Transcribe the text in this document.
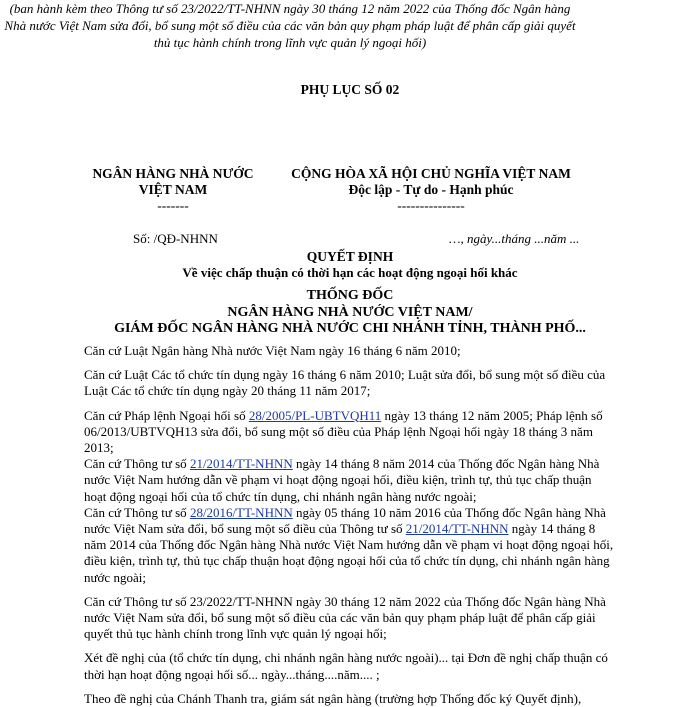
PHỤ LỤC SỐ 02
(ban hành kèm theo Thông tư số 23/2022/TT-NHNN ngày 30 tháng 12 năm 2022 của Thống đốc Ngân hàng Nhà nước Việt Nam sửa đổi, bổ sung một số điều của các văn bản quy phạm pháp luật để phân cấp giải quyết thủ tục hành chính trong lĩnh vực quản lý ngoại hối)
NGÂN HÀNG NHÀ NƯỚC
VIỆT NAM
-------
CỘNG HÒA XÃ HỘI CHỦ NGHĨA VIỆT NAM
Độc lập - Tự do - Hạnh phúc
---------------
Số: /QĐ-NHNN	…, ngày...tháng ...năm ...
QUYẾT ĐỊNH
Về việc chấp thuận có thời hạn các hoạt động ngoại hối khác
THỐNG ĐỐC
NGÂN HÀNG NHÀ NƯỚC VIỆT NAM/
GIÁM ĐỐC NGÂN HÀNG NHÀ NƯỚC CHI NHÁNH TỈNH, THÀNH PHỐ...

Căn cứ Luật Ngân hàng Nhà nước Việt Nam ngày 16 tháng 6 năm 2010;

Căn cứ Luật Các tổ chức tín dụng ngày 16 tháng 6 năm 2010; Luật sửa đổi, bổ sung một số điều của Luật Các tổ chức tín dụng ngày 20 tháng 11 năm 2017;

Căn cứ Pháp lệnh Ngoại hối số 28/2005/PL-UBTVQH11 ngày 13 tháng 12 năm 2005; Pháp lệnh số 06/2013/UBTVQH13 sửa đổi, bổ sung một số điều của Pháp lệnh Ngoại hối ngày 18 tháng 3 năm 2013;

Căn cứ Thông tư số 21/2014/TT-NHNN ngày 14 tháng 8 năm 2014 của Thống đốc Ngân hàng Nhà nước Việt Nam hướng dẫn về phạm vi hoạt động ngoại hối, điều kiện, trình tự, thủ tục chấp thuận hoạt động ngoại hối của tổ chức tín dụng, chi nhánh ngân hàng nước ngoài;

Căn cứ Thông tư số 28/2016/TT-NHNN ngày 05 tháng 10 năm 2016 của Thống đốc Ngân hàng Nhà nước Việt Nam sửa đổi, bổ sung một số điều của Thông tư số 21/2014/TT-NHNN ngày 14 tháng 8 năm 2014 của Thống đốc Ngân hàng Nhà nước Việt Nam hướng dẫn về phạm vi hoạt động ngoại hối, điều kiện, trình tự, thủ tục chấp thuận hoạt động ngoại hối của tổ chức tín dụng, chi nhánh ngân hàng nước ngoài;

Căn cứ Thông tư số 23/2022/TT-NHNN ngày 30 tháng 12 năm 2022 của Thống đốc Ngân hàng Nhà nước Việt Nam sửa đổi, bổ sung một số điều của các văn bản quy phạm pháp luật để phân cấp giải quyết thủ tục hành chính trong lĩnh vực quản lý ngoại hối;

Xét đề nghị của (tổ chức tín dụng, chi nhánh ngân hàng nước ngoài)... tại Đơn đề nghị chấp thuận có thời hạn hoạt động ngoại hối số... ngày...tháng....năm.... ;

Theo đề nghị của Chánh Thanh tra, giám sát ngân hàng (trường hợp Thống đốc ký Quyết định),
